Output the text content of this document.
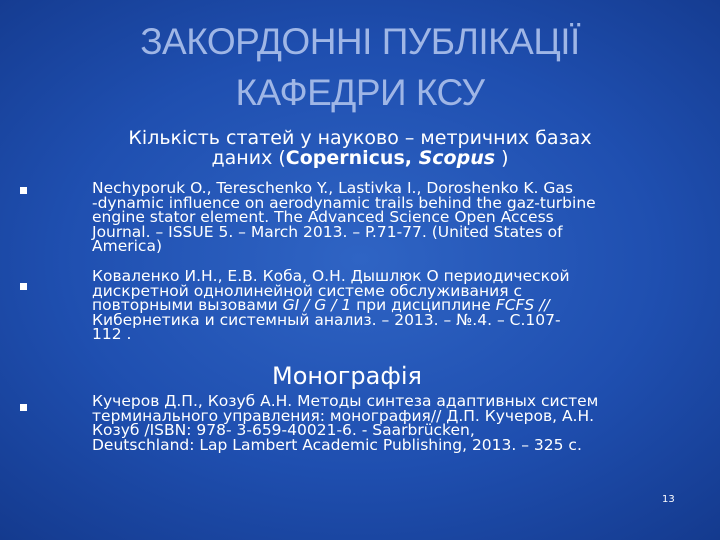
ЗАКОРДОННІ ПУБЛІКАЦІЇ
КАФЕДРИ КСУ
Кількість статей у науково – метричних базах
даних (Copernicus, Scopus )
Nechyporuk O., Tereschenko Y., Lastivka I., Doroshenko K. Gas
-dynamic influence on aerodynamic trails behind the gaz-turbine
engine stator element. The Advanced Science Open Access
Journal. – ISSUE 5. – March 2013. – P.71-77. (United States of
America)
Коваленко И.Н., Е.В. Коба, О.Н. Дышлюк О периодической
дискретной однолинейной системе обслуживания с
повторными вызовами GI / G / 1 при дисциплине FCFS //
Кибернетика и системный анализ. – 2013. – №.4. – С.107-
112 .
Монографія
Кучеров Д.П., Козуб А.Н. Методы синтеза адаптивных систем
терминального управления: монография// Д.П. Кучеров, А.Н.
Козуб /ISBN: 978- 3-659-40021-6. - Saarbrücken,
Deutschland: Lap Lambert Academic Publishing, 2013. – 325 с.
13
